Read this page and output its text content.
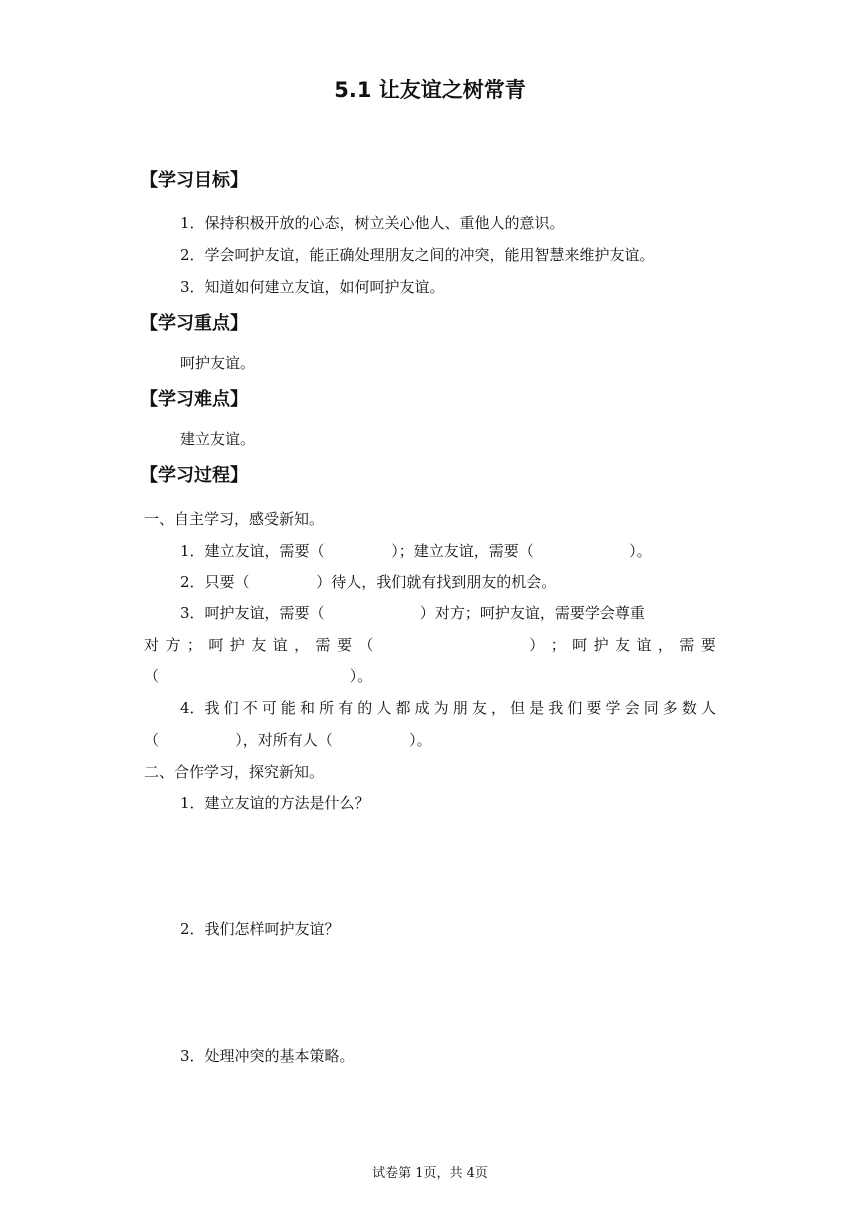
5.1 让友谊之树常青
【学习目标】
1．保持积极开放的心态，树立关心他人、重他人的意识。
2．学会呵护友谊，能正确处理朋友之间的冲突，能用智慧来维护友谊。
3．知道如何建立友谊，如何呵护友谊。
【学习重点】
呵护友谊。
【学习难点】
建立友谊。
【学习过程】
一、自主学习，感受新知。
1．建立友谊，需要（              ）；建立友谊，需要（                    ）。
2．只要（              ）待人，我们就有找到朋友的机会。
3．呵护友谊，需要（                    ）对方；呵护友谊，需要学会尊重
对 方 ； 呵 护 友 谊 ， 需 要 （
	） ； 呵 护 友 谊 ， 需 要
（                                        ）。
4．我 们 不 可 能 和 所 有 的 人 都 成 为 朋 友 ， 但 是 我 们 要 学 会 同 多 数 人
（                ），对所有人（                ）。
二、合作学习，探究新知。
1．建立友谊的方法是什么？
2．我们怎样呵护友谊？
3．处理冲突的基本策略。
试卷第 1页，共 4页
